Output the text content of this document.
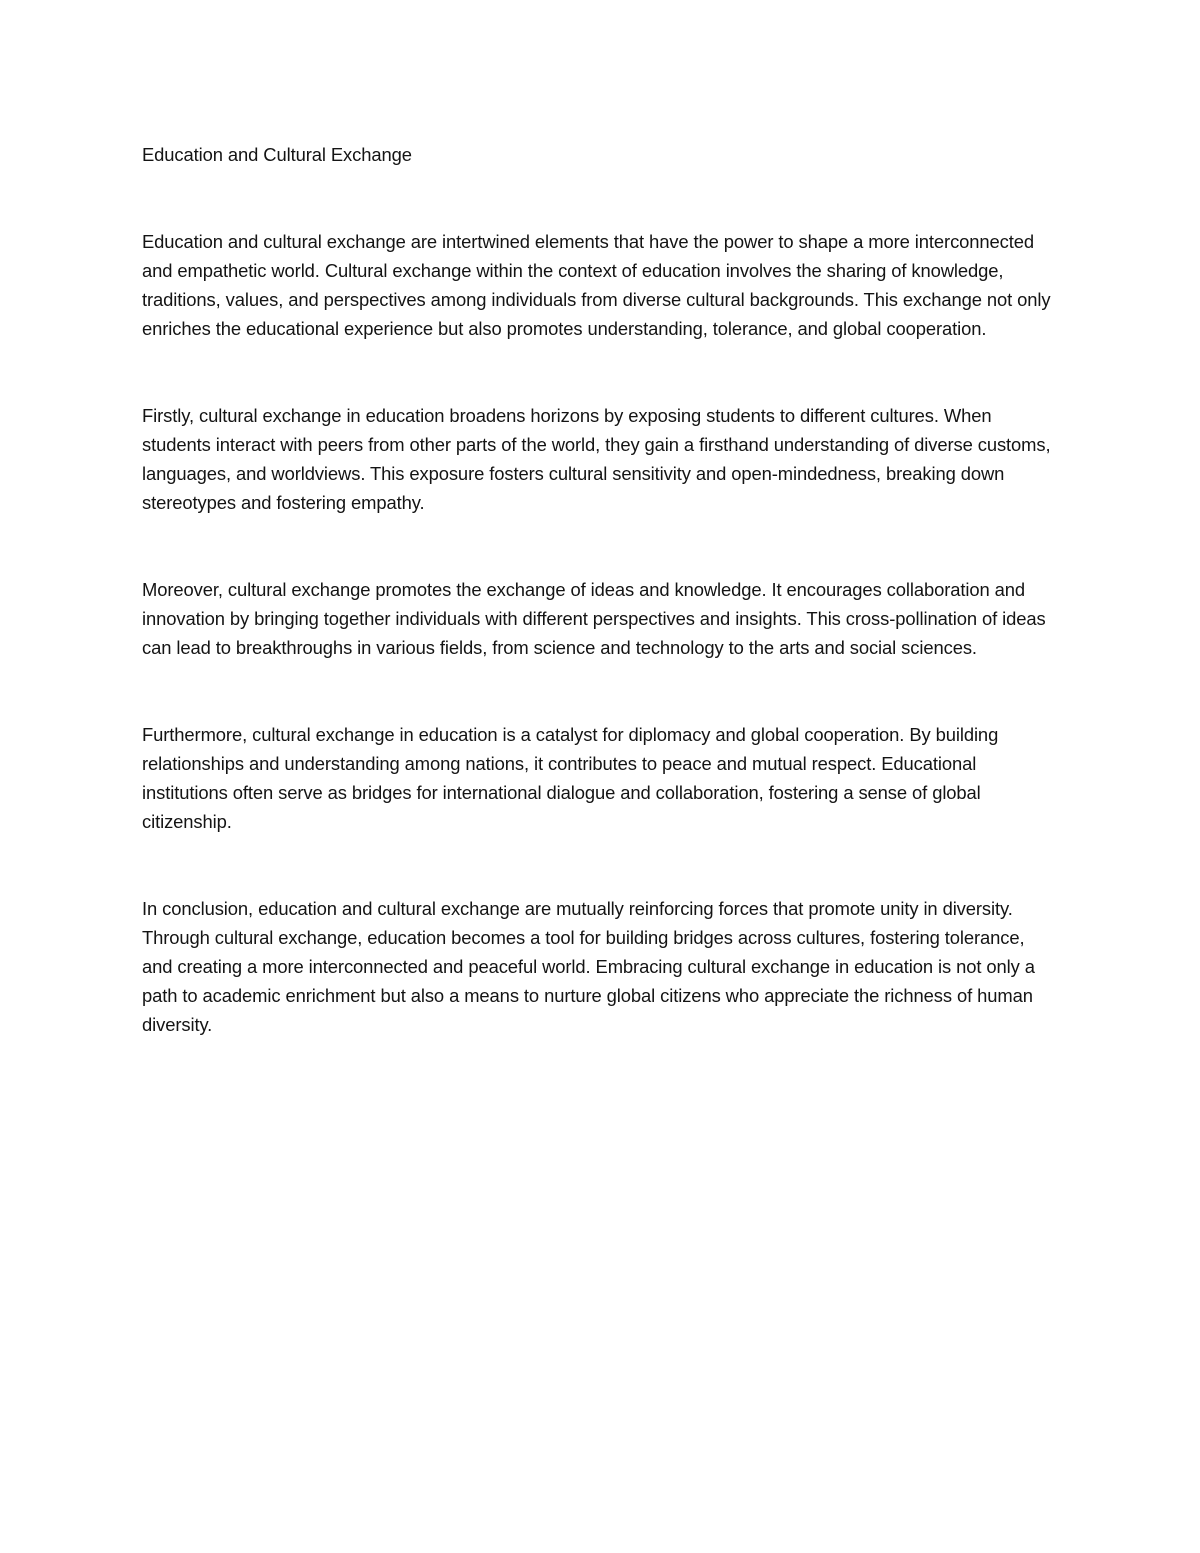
Education and Cultural Exchange

Education and cultural exchange are intertwined elements that have the power to shape a more interconnected and empathetic world. Cultural exchange within the context of education involves the sharing of knowledge, traditions, values, and perspectives among individuals from diverse cultural backgrounds. This exchange not only enriches the educational experience but also promotes understanding, tolerance, and global cooperation.

Firstly, cultural exchange in education broadens horizons by exposing students to different cultures. When students interact with peers from other parts of the world, they gain a firsthand understanding of diverse customs, languages, and worldviews. This exposure fosters cultural sensitivity and open-mindedness, breaking down stereotypes and fostering empathy.

Moreover, cultural exchange promotes the exchange of ideas and knowledge. It encourages collaboration and innovation by bringing together individuals with different perspectives and insights. This cross-pollination of ideas can lead to breakthroughs in various fields, from science and technology to the arts and social sciences.

Furthermore, cultural exchange in education is a catalyst for diplomacy and global cooperation. By building relationships and understanding among nations, it contributes to peace and mutual respect. Educational institutions often serve as bridges for international dialogue and collaboration, fostering a sense of global citizenship.

In conclusion, education and cultural exchange are mutually reinforcing forces that promote unity in diversity. Through cultural exchange, education becomes a tool for building bridges across cultures, fostering tolerance, and creating a more interconnected and peaceful world. Embracing cultural exchange in education is not only a path to academic enrichment but also a means to nurture global citizens who appreciate the richness of human diversity.
